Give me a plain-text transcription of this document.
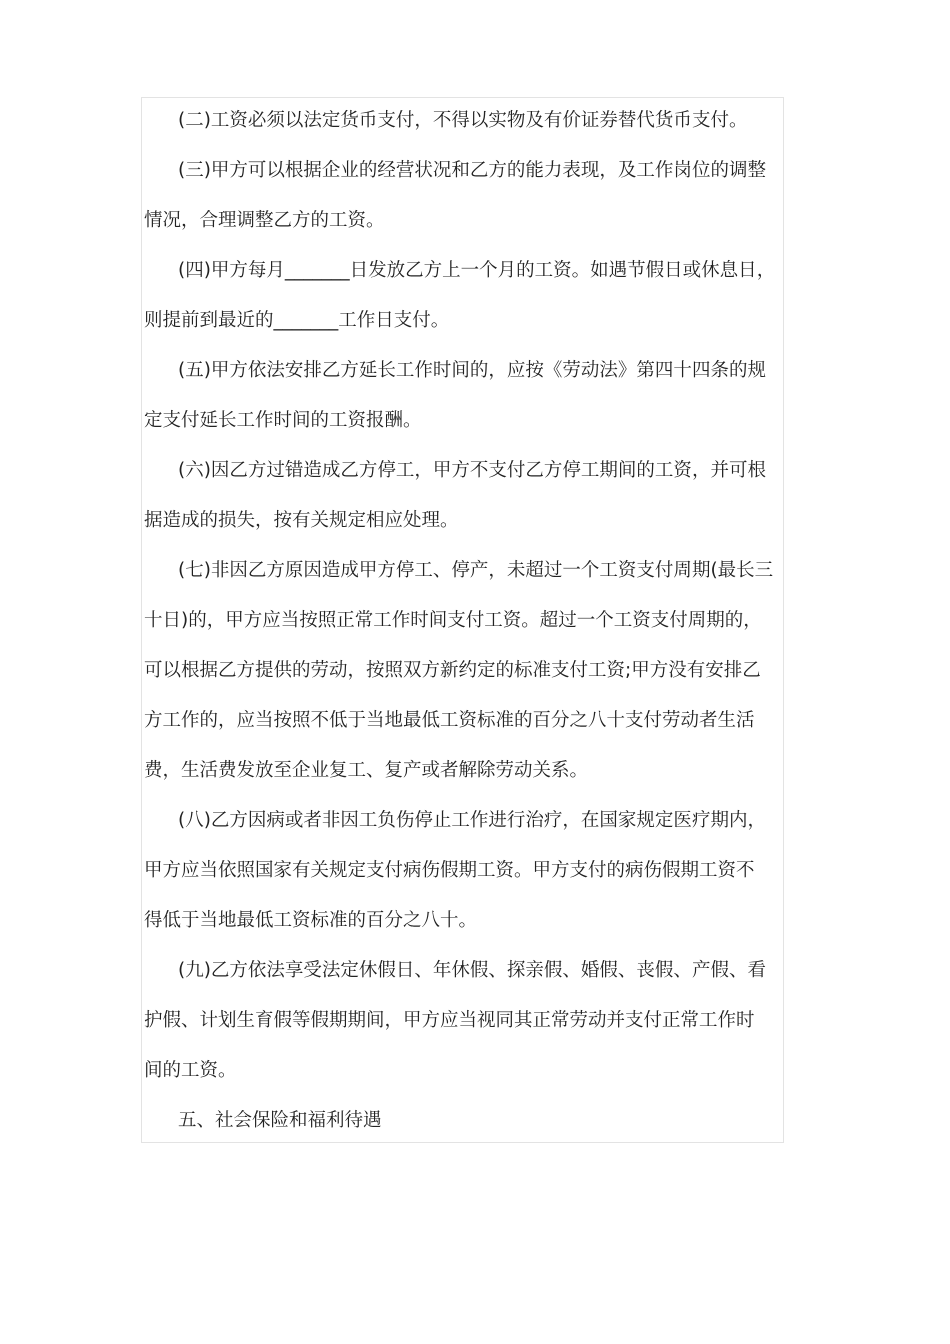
(二)工资必须以法定货币支付，不得以实物及有价证券替代货币支付。

(三)甲方可以根据企业的经营状况和乙方的能力表现，及工作岗位的调整
情况，合理调整乙方的工资。

(四)甲方每月_______日发放乙方上一个月的工资。如遇节假日或休息日，
则提前到最近的_______工作日支付。

(五)甲方依法安排乙方延长工作时间的，应按《劳动法》第四十四条的规
定支付延长工作时间的工资报酬。

(六)因乙方过错造成乙方停工，甲方不支付乙方停工期间的工资，并可根
据造成的损失，按有关规定相应处理。

(七)非因乙方原因造成甲方停工、停产，未超过一个工资支付周期(最长三
十日)的，甲方应当按照正常工作时间支付工资。超过一个工资支付周期的，
可以根据乙方提供的劳动，按照双方新约定的标准支付工资;甲方没有安排乙
方工作的，应当按照不低于当地最低工资标准的百分之八十支付劳动者生活
费，生活费发放至企业复工、复产或者解除劳动关系。

(八)乙方因病或者非因工负伤停止工作进行治疗，在国家规定医疗期内，
甲方应当依照国家有关规定支付病伤假期工资。甲方支付的病伤假期工资不
得低于当地最低工资标准的百分之八十。

(九)乙方依法享受法定休假日、年休假、探亲假、婚假、丧假、产假、看
护假、计划生育假等假期期间，甲方应当视同其正常劳动并支付正常工作时
间的工资。

五、社会保险和福利待遇
